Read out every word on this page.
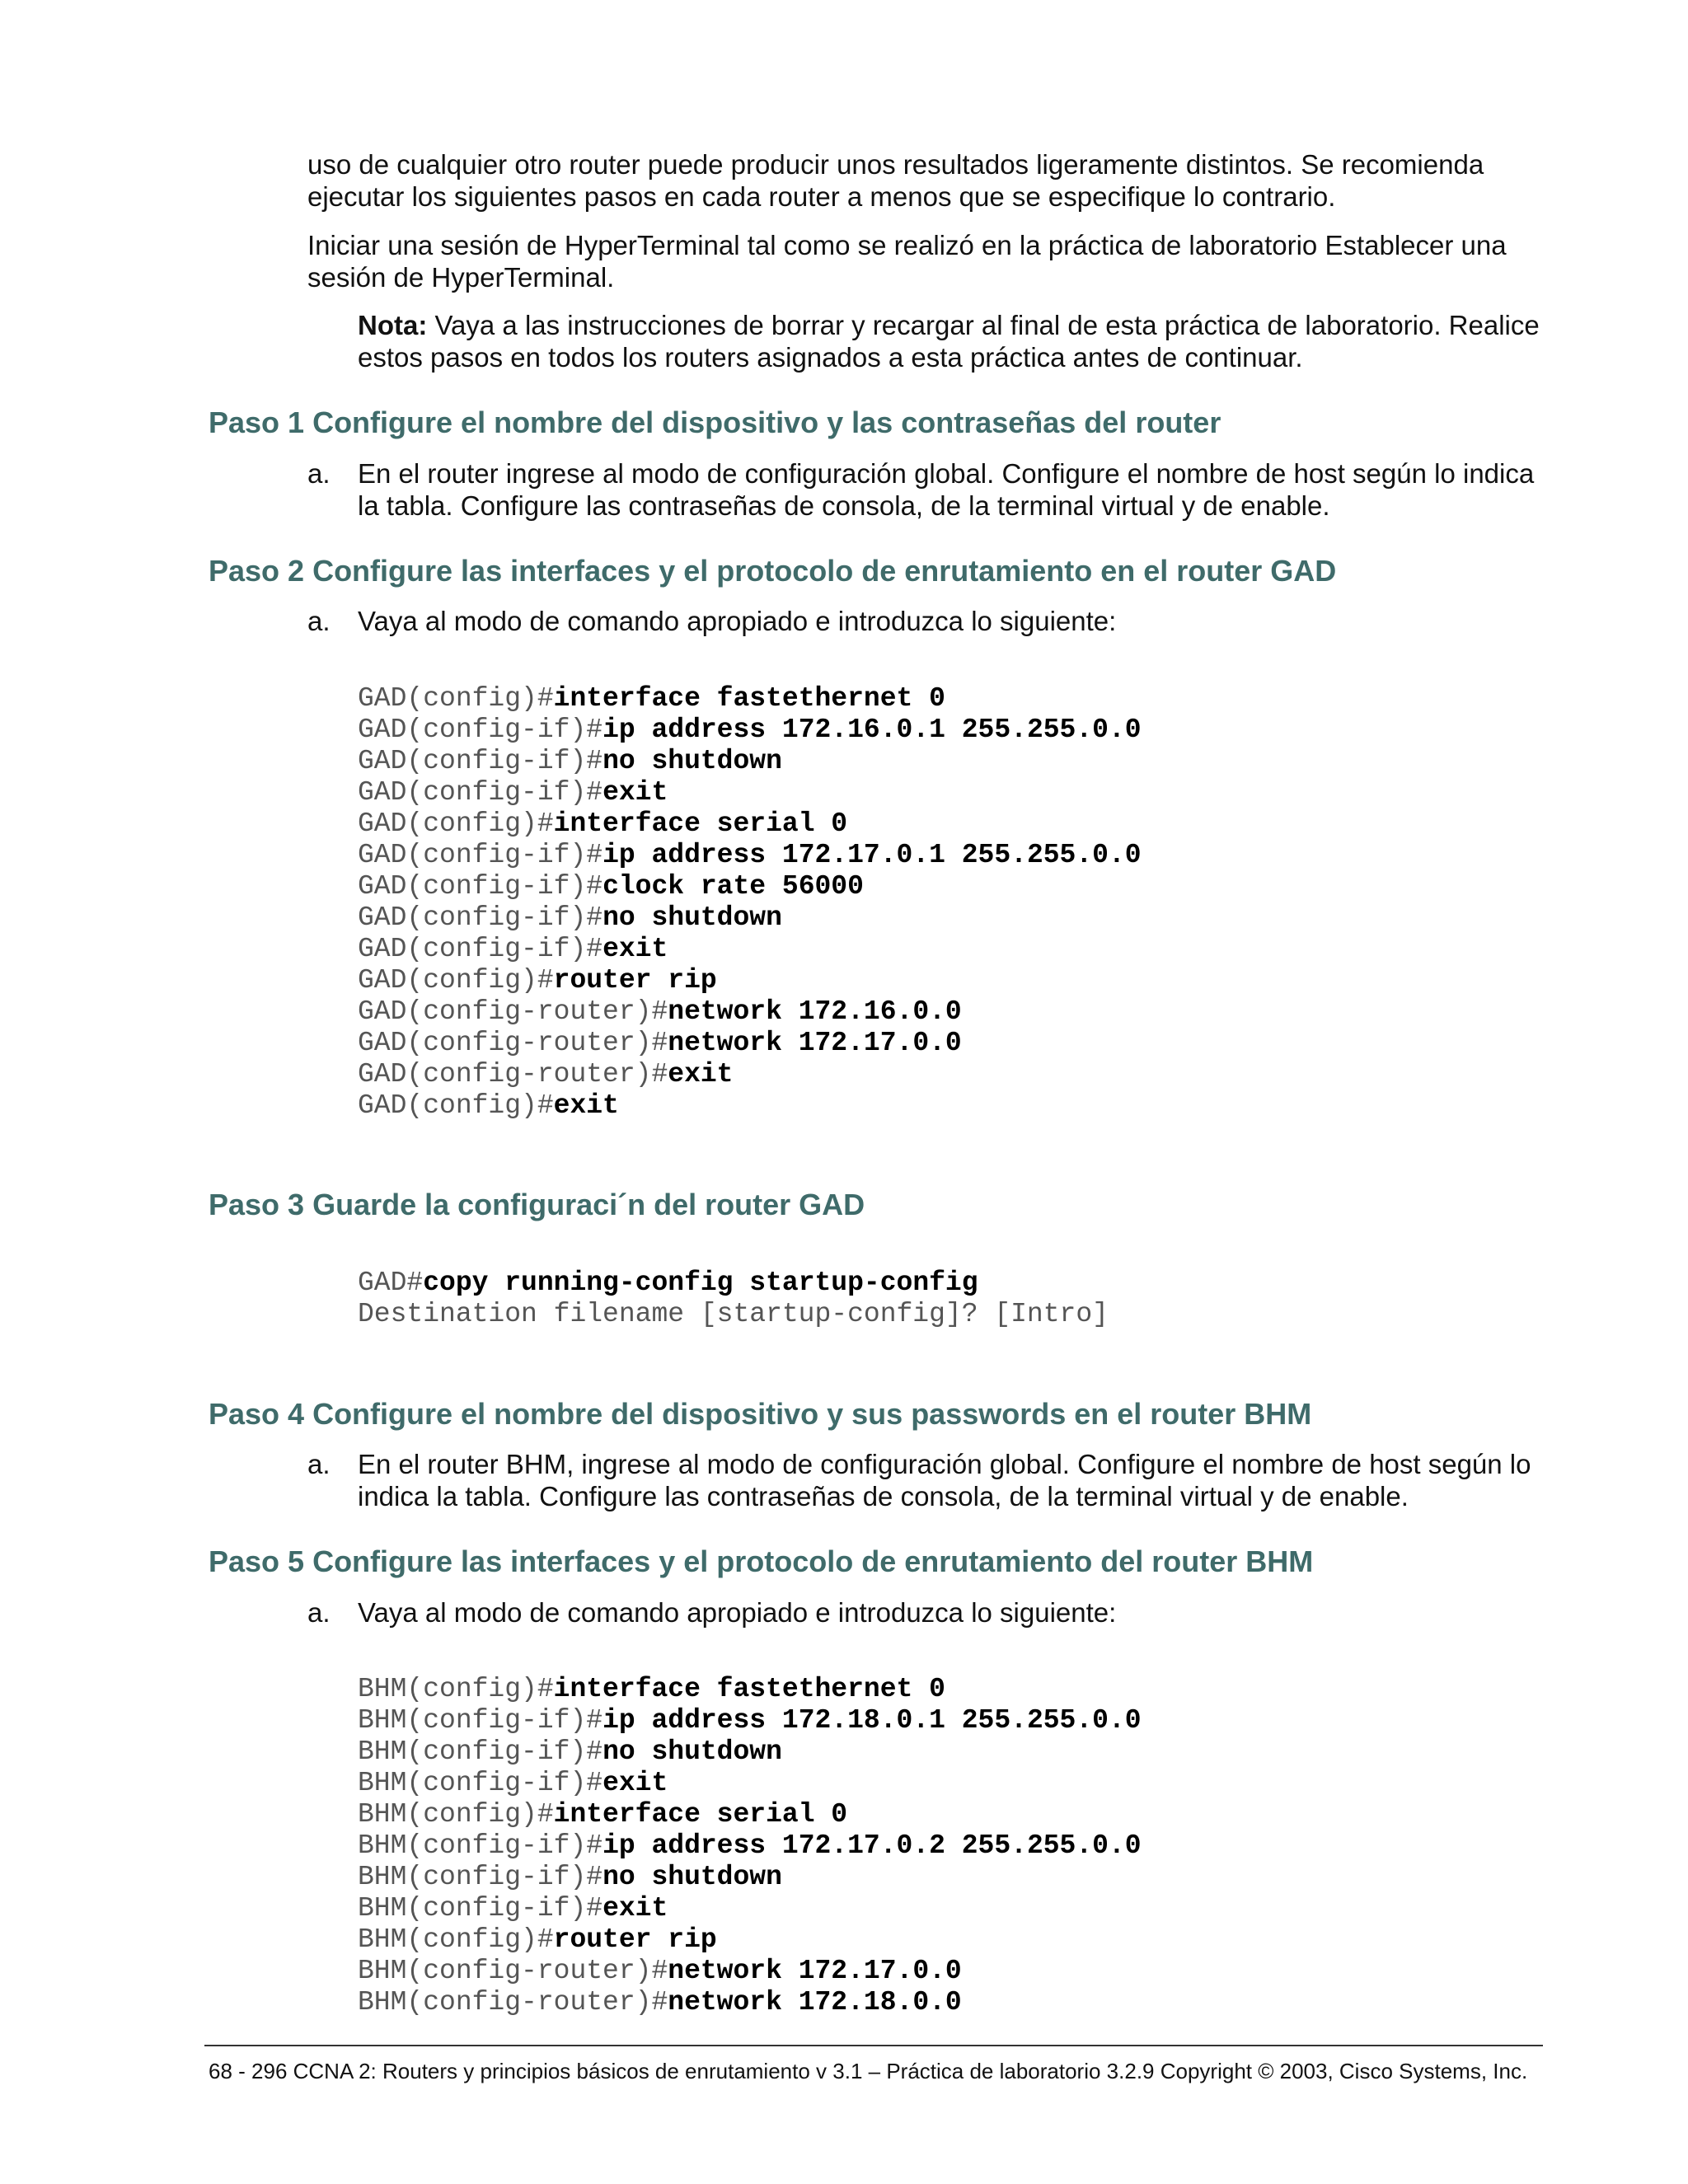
uso de cualquier otro router puede producir unos resultados ligeramente distintos. Se recomienda ejecutar los siguientes pasos en cada router a menos que se especifique lo contrario.

Iniciar una sesión de HyperTerminal tal como se realizó en la práctica de laboratorio Establecer una sesión de HyperTerminal.

Nota: Vaya a las instrucciones de borrar y recargar al final de esta práctica de laboratorio. Realice estos pasos en todos los routers asignados a esta práctica antes de continuar.

Paso 1 Configure el nombre del dispositivo y las contraseñas del router
a. En el router ingrese al modo de configuración global. Configure el nombre de host según lo indica la tabla. Configure las contraseñas de consola, de la terminal virtual y de enable.
Paso 2 Configure las interfaces y el protocolo de enrutamiento en el router GAD
a. Vaya al modo de comando apropiado e introduzca lo siguiente:
GAD(config)#interface fastethernet 0
GAD(config-if)#ip address 172.16.0.1 255.255.0.0
GAD(config-if)#no shutdown
GAD(config-if)#exit
GAD(config)#interface serial 0
GAD(config-if)#ip address 172.17.0.1 255.255.0.0
GAD(config-if)#clock rate 56000
GAD(config-if)#no shutdown
GAD(config-if)#exit
GAD(config)#router rip
GAD(config-router)#network 172.16.0.0
GAD(config-router)#network 172.17.0.0
GAD(config-router)#exit
GAD(config)#exit
Paso 3 Guarde la configuraci´n del router GAD
GAD#copy running-config startup-config
Destination filename [startup-config]? [Intro]
Paso 4 Configure el nombre del dispositivo y sus passwords en el router BHM
a. En el router BHM, ingrese al modo de configuración global. Configure el nombre de host según lo indica la tabla. Configure las contraseñas de consola, de la terminal virtual y de enable.
Paso 5 Configure las interfaces y el protocolo de enrutamiento del router BHM
a. Vaya al modo de comando apropiado e introduzca lo siguiente:
BHM(config)#interface fastethernet 0
BHM(config-if)#ip address 172.18.0.1 255.255.0.0
BHM(config-if)#no shutdown
BHM(config-if)#exit
BHM(config)#interface serial 0
BHM(config-if)#ip address 172.17.0.2 255.255.0.0
BHM(config-if)#no shutdown
BHM(config-if)#exit
BHM(config)#router rip
BHM(config-router)#network 172.17.0.0
BHM(config-router)#network 172.18.0.0
68 - 296 CCNA 2: Routers y principios básicos de enrutamiento v 3.1 – Práctica de laboratorio 3.2.9 Copyright © 2003, Cisco Systems, Inc.
